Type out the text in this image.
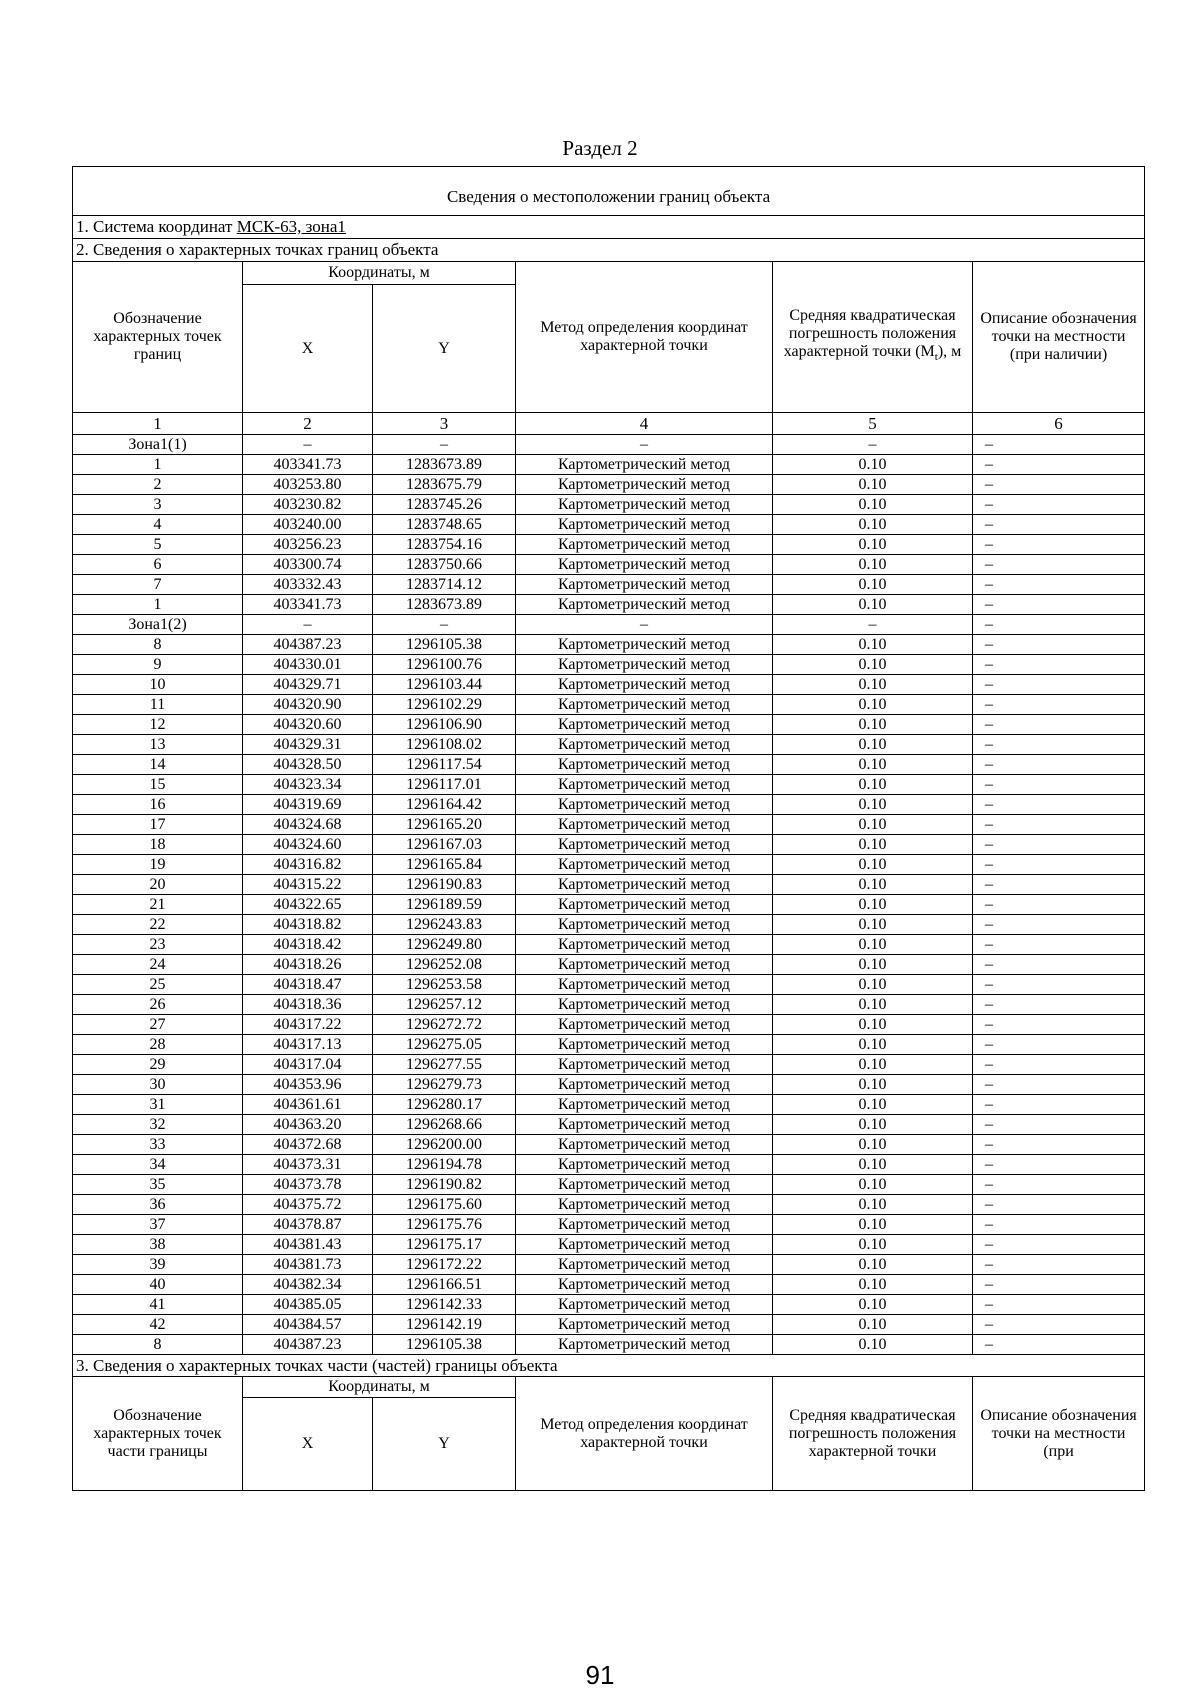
Раздел 2
Сведения о местоположении границ объекта					
1. Система координат МСК-63, зона1					
2. Сведения о характерных точках границ объекта					
Обозначение характерных точек границ	Координаты, м		Метод определения координат характерной точки	Средняя квадратическая погрешность положения характерной точки $(M_t)$, м	Описание обозначения точки на местности (при наличии)
	X	Y			
1	2	3	4	5	6
Зона1(1)	–	–	–	–	–
1	403341.73	1283673.89	Картометрический метод	0.10	–
2	403253.80	1283675.79	Картометрический метод	0.10	–
3	403230.82	1283745.26	Картометрический метод	0.10	–
4	403240.00	1283748.65	Картометрический метод	0.10	–
5	403256.23	1283754.16	Картометрический метод	0.10	–
6	403300.74	1283750.66	Картометрический метод	0.10	–
7	403332.43	1283714.12	Картометрический метод	0.10	–
1	403341.73	1283673.89	Картометрический метод	0.10	–
Зона1(2)	–	–	–	–	–
8	404387.23	1296105.38	Картометрический метод	0.10	–
9	404330.01	1296100.76	Картометрический метод	0.10	–
10	404329.71	1296103.44	Картометрический метод	0.10	–
11	404320.90	1296102.29	Картометрический метод	0.10	–
12	404320.60	1296106.90	Картометрический метод	0.10	–
13	404329.31	1296108.02	Картометрический метод	0.10	–
14	404328.50	1296117.54	Картометрический метод	0.10	–
15	404323.34	1296117.01	Картометрический метод	0.10	–
16	404319.69	1296164.42	Картометрический метод	0.10	–
17	404324.68	1296165.20	Картометрический метод	0.10	–
18	404324.60	1296167.03	Картометрический метод	0.10	–
19	404316.82	1296165.84	Картометрический метод	0.10	–
20	404315.22	1296190.83	Картометрический метод	0.10	–
21	404322.65	1296189.59	Картометрический метод	0.10	–
22	404318.82	1296243.83	Картометрический метод	0.10	–
23	404318.42	1296249.80	Картометрический метод	0.10	–
24	404318.26	1296252.08	Картометрический метод	0.10	–
25	404318.47	1296253.58	Картометрический метод	0.10	–
26	404318.36	1296257.12	Картометрический метод	0.10	–
27	404317.22	1296272.72	Картометрический метод	0.10	–
28	404317.13	1296275.05	Картометрический метод	0.10	–
29	404317.04	1296277.55	Картометрический метод	0.10	–
30	404353.96	1296279.73	Картометрический метод	0.10	–
31	404361.61	1296280.17	Картометрический метод	0.10	–
32	404363.20	1296268.66	Картометрический метод	0.10	–
33	404372.68	1296200.00	Картометрический метод	0.10	–
34	404373.31	1296194.78	Картометрический метод	0.10	–
35	404373.78	1296190.82	Картометрический метод	0.10	–
36	404375.72	1296175.60	Картометрический метод	0.10	–
37	404378.87	1296175.76	Картометрический метод	0.10	–
38	404381.43	1296175.17	Картометрический метод	0.10	–
39	404381.73	1296172.22	Картометрический метод	0.10	–
40	404382.34	1296166.51	Картометрический метод	0.10	–
41	404385.05	1296142.33	Картометрический метод	0.10	–
42	404384.57	1296142.19	Картометрический метод	0.10	–
8	404387.23	1296105.38	Картометрический метод	0.10	–
3. Сведения о характерных точках части (частей) границы объекта					
Обозначение характерных точек части границы	Координаты, м		Метод определения координат характерной точки	Средняя квадратическая погрешность положения характерной точки	Описание обозначения точки на местности (при
	X	Y			
91
